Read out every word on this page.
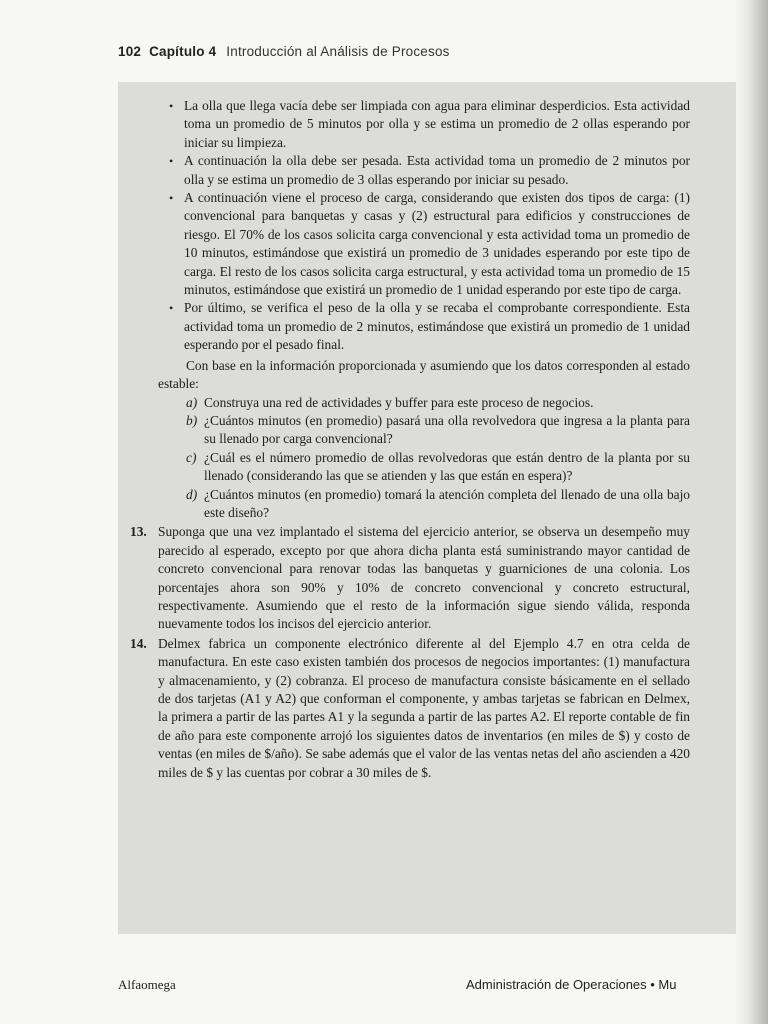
102 Capítulo 4 Introducción al Análisis de Procesos
• La olla que llega vacía debe ser limpiada con agua para eliminar desperdicios. Esta actividad toma un promedio de 5 minutos por olla y se estima un promedio de 2 ollas esperando por iniciar su limpieza.
• A continuación la olla debe ser pesada. Esta actividad toma un promedio de 2 minutos por olla y se estima un promedio de 3 ollas esperando por iniciar su pesado.
• A continuación viene el proceso de carga, considerando que existen dos tipos de carga: (1) convencional para banquetas y casas y (2) estructural para edificios y construcciones de riesgo. El 70% de los casos solicita carga convencional y esta actividad toma un promedio de 10 minutos, estimándose que existirá un promedio de 3 unidades esperando por este tipo de carga. El resto de los casos solicita carga estructural, y esta actividad toma un promedio de 15 minutos, estimándose que existirá un promedio de 1 unidad esperando por este tipo de carga.
• Por último, se verifica el peso de la olla y se recaba el comprobante correspondiente. Esta actividad toma un promedio de 2 minutos, estimándose que existirá un promedio de 1 unidad esperando por el pesado final.

Con base en la información proporcionada y asumiendo que los datos corresponden al estado estable:

a) Construya una red de actividades y buffer para este proceso de negocios.
b) ¿Cuántos minutos (en promedio) pasará una olla revolvedora que ingresa a la planta para su llenado por carga convencional?
c) ¿Cuál es el número promedio de ollas revolvedoras que están dentro de la planta por su llenado (considerando las que se atienden y las que están en espera)?
d) ¿Cuántos minutos (en promedio) tomará la atención completa del llenado de una olla bajo este diseño?
13. Suponga que una vez implantado el sistema del ejercicio anterior, se observa un desempeño muy parecido al esperado, excepto por que ahora dicha planta está suministrando mayor cantidad de concreto convencional para renovar todas las banquetas y guarniciones de una colonia. Los porcentajes ahora son 90% y 10% de concreto convencional y concreto estructural, respectivamente. Asumiendo que el resto de la información sigue siendo válida, responda nuevamente todos los incisos del ejercicio anterior.
14. Delmex fabrica un componente electrónico diferente al del Ejemplo 4.7 en otra celda de manufactura. En este caso existen también dos procesos de negocios importantes: (1) manufactura y almacenamiento, y (2) cobranza. El proceso de manufactura consiste básicamente en el sellado de dos tarjetas (A1 y A2) que conforman el componente, y ambas tarjetas se fabrican en Delmex, la primera a partir de las partes A1 y la segunda a partir de las partes A2. El reporte contable de fin de año para este componente arrojó los siguientes datos de inventarios (en miles de $) y costo de ventas (en miles de $/año). Se sabe además que el valor de las ventas netas del año ascienden a 420 miles de $ y las cuentas por cobrar a 30 miles de $.
Alfaomega	Administración de Operaciones • Mu
